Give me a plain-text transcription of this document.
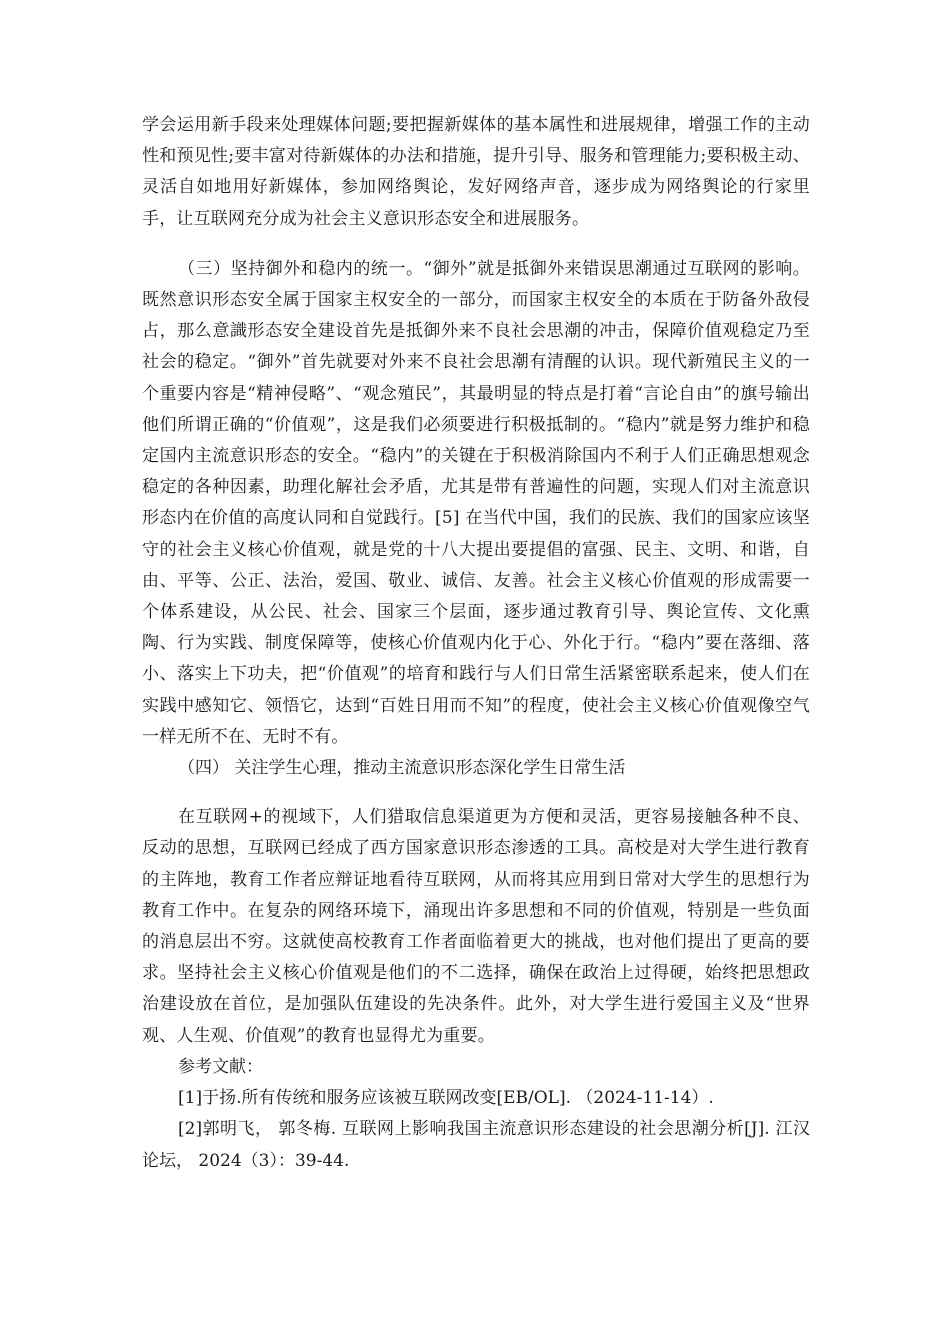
学会运用新手段来处理媒体问题;要把握新媒体的基本属性和进展规律，增强工作的主动性和预见性;要丰富对待新媒体的办法和措施，提升引导、服务和管理能力;要积极主动、灵活自如地用好新媒体，参加网络舆论，发好网络声音，逐步成为网络舆论的行家里手，让互联网充分成为社会主义意识形态安全和进展服务。

（三）坚持御外和稳内的统一。“御外”就是抵御外来错误思潮通过互联网的影响。既然意识形态安全属于国家主权安全的一部分，而国家主权安全的本质在于防备外敌侵占，那么意識形态安全建设首先是抵御外来不良社会思潮的冲击，保障价值观稳定乃至社会的稳定。“御外”首先就要对外来不良社会思潮有清醒的认识。现代新殖民主义的一个重要内容是“精神侵略”、“观念殖民”，其最明显的特点是打着“言论自由”的旗号输出他们所谓正确的“价值观”，这是我们必须要进行积极抵制的。“稳内”就是努力维护和稳定国内主流意识形态的安全。“稳内”的关键在于积极消除国内不利于人们正确思想观念稳定的各种因素，助理化解社会矛盾，尤其是带有普遍性的问题，实现人们对主流意识形态内在价值的高度认同和自觉践行。[5] 在当代中国，我们的民族、我们的国家应该坚守的社会主义核心价值观，就是党的十八大提出要提倡的富强、民主、文明、和谐，自由、平等、公正、法治，爱国、敬业、诚信、友善。社会主义核心价值观的形成需要一个体系建设，从公民、社会、国家三个层面，逐步通过教育引导、舆论宣传、文化熏陶、行为实践、制度保障等，使核心价值观内化于心、外化于行。“稳内”要在落细、落小、落实上下功夫，把“价值观”的培育和践行与人们日常生活紧密联系起来，使人们在实践中感知它、领悟它，达到“百姓日用而不知”的程度，使社会主义核心价值观像空气一样无所不在、无时不有。

（四） 关注学生心理，推动主流意识形态深化学生日常生活

在互联网+的视域下，人们猎取信息渠道更为方便和灵活，更容易接触各种不良、反动的思想，互联网已经成了西方国家意识形态渗透的工具。高校是对大学生进行教育的主阵地，教育工作者应辩证地看待互联网，从而将其应用到日常对大学生的思想行为教育工作中。在复杂的网络环境下，涌现出许多思想和不同的价值观，特别是一些负面的消息层出不穷。这就使高校教育工作者面临着更大的挑战，也对他们提出了更高的要求。坚持社会主义核心价值观是他们的不二选择，确保在政治上过得硬，始终把思想政治建设放在首位，是加强队伍建设的先决条件。此外，对大学生进行爱国主义及“世界观、人生观、价值观”的教育也显得尤为重要。

参考文献：

[1]于扬.所有传统和服务应该被互联网改变[EB/OL]. （2024-11-14）.

[2]郭明飞， 郭冬梅. 互联网上影响我国主流意识形态建设的社会思潮分析[J]. 江汉论坛， 2024（3）：39-44.
